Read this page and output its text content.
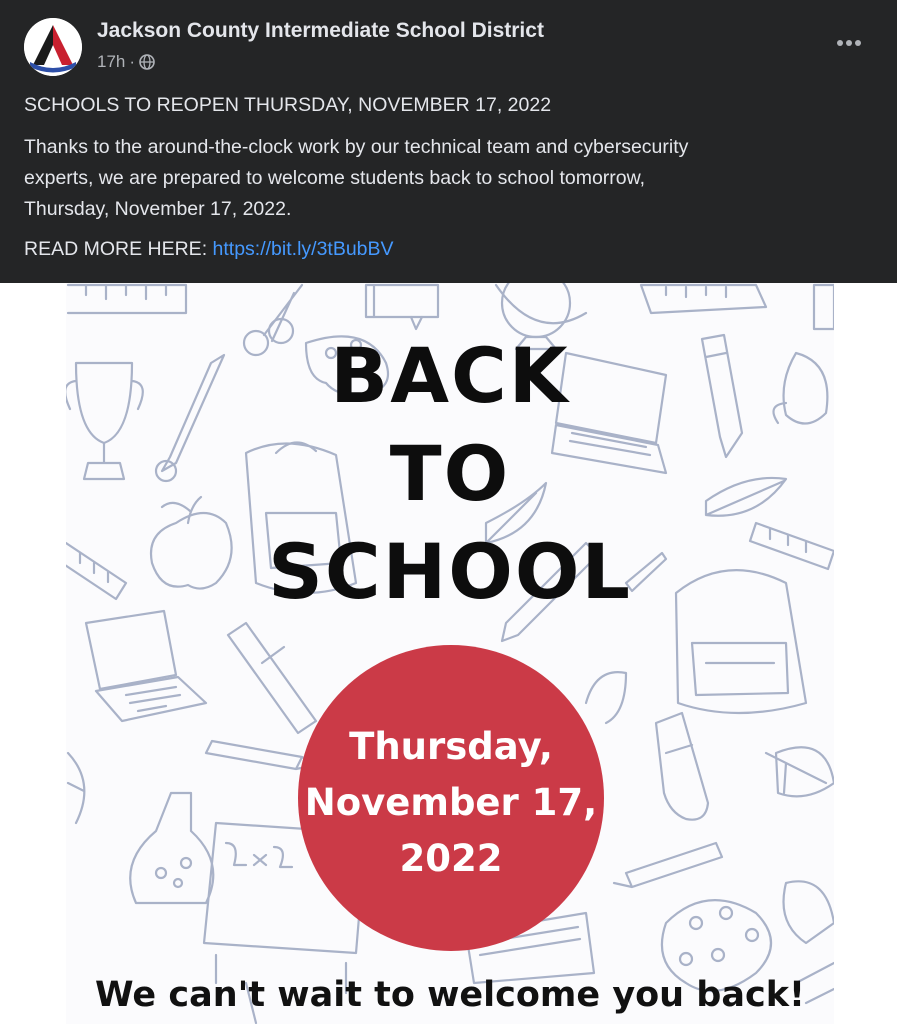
Jackson County Intermediate School District
17h ·
SCHOOLS TO REOPEN THURSDAY, NOVEMBER 17, 2022
Thanks to the around-the-clock work by our technical team and cybersecurity
experts, we are prepared to welcome students back to school tomorrow,
Thursday, November 17, 2022.
READ MORE HERE: https://bit.ly/3tBubBV
BACK
TO
SCHOOL
Thursday,
November 17,
2022
We can't wait to welcome you back!
